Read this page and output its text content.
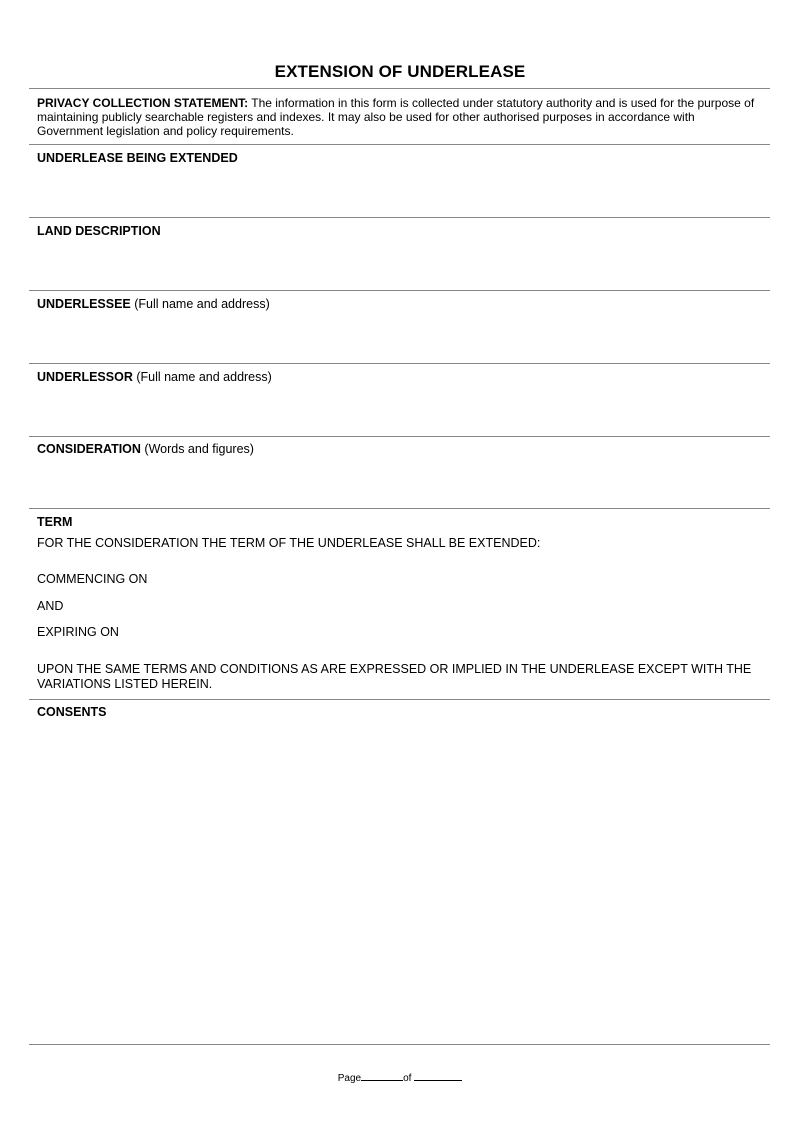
EXTENSION OF UNDERLEASE
PRIVACY COLLECTION STATEMENT: The information in this form is collected under statutory authority and is used for the purpose of maintaining publicly searchable registers and indexes. It may also be used for other authorised purposes in accordance with Government legislation and policy requirements.
UNDERLEASE BEING EXTENDED
LAND DESCRIPTION
UNDERLESSEE (Full name and address)
UNDERLESSOR (Full name and address)
CONSIDERATION (Words and figures)
TERM
FOR THE CONSIDERATION THE TERM OF THE UNDERLEASE SHALL BE EXTENDED:
COMMENCING ON
AND
EXPIRING ON
UPON THE SAME TERMS AND CONDITIONS AS ARE EXPRESSED OR IMPLIED IN THE UNDERLEASE EXCEPT WITH THE VARIATIONS LISTED HEREIN.
CONSENTS
Page	of
